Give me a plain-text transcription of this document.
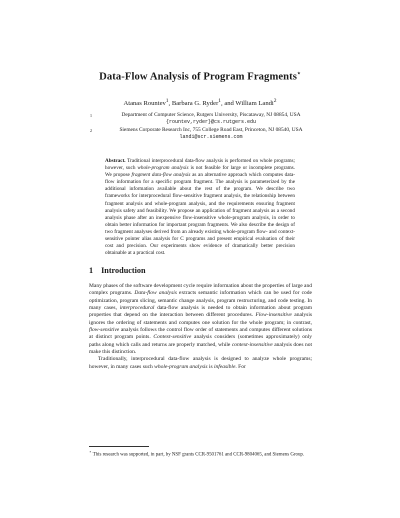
Data-Flow Analysis of Program Fragments⋆
Atanas Rountev$^1$, Barbara G. Ryder$^1$, and William Landi$^2$
1	Department of Computer Science, Rutgers University, Piscataway, NJ 08854, USA
{rountev,ryder}@cs.rutgers.edu
2	Siemens Corporate Research Inc, 755 College Road East, Princeton, NJ 08540, USA
landi@scr.siemens.com
Abstract. Traditional interprocedural data-flow analysis is performed on whole programs; however, such whole-program analysis is not feasible for large or incomplete programs. We propose fragment data-flow analysis as an alternative approach which computes data-flow information for a specific program fragment. The analysis is parameterized by the additional information available about the rest of the program. We describe two frameworks for interprocedural flow-sensitive fragment analysis, the relationship between fragment analysis and whole-program analysis, and the requirements ensuring fragment analysis safety and feasibility. We propose an application of fragment analysis as a second analysis phase after an inexpensive flow-insensitive whole-program analysis, in order to obtain better information for important program fragments. We also describe the design of two fragment analyses derived from an already existing whole-program flow- and context-sensitive pointer alias analysis for C programs and present empirical evaluation of their cost and precision. Our experiments show evidence of dramatically better precision obtainable at a practical cost.
1 Introduction

Many phases of the software development cycle require information about the properties of large and complex programs. Data-flow analysis extracts semantic information which can be used for code optimization, program slicing, semantic change analysis, program restructuring, and code testing. In many cases, interprocedural data-flow analysis is needed to obtain information about program properties that depend on the interaction between different procedures. Flow-insensitive analysis ignores the ordering of statements and computes one solution for the whole program; in contrast, flow-sensitive analysis follows the control flow order of statements and computes different solutions at distinct program points. Context-sensitive analysis considers (sometimes approximately) only paths along which calls and returns are properly matched, while context-insensitive analysis does not make this distinction.

Traditionally, interprocedural data-flow analysis is designed to analyze whole programs; however, in many cases such whole-program analysis is infeasible. For

⋆ This research was supported, in part, by NSF grants CCR-9501761 and CCR-9804065, and Siemens Group.
